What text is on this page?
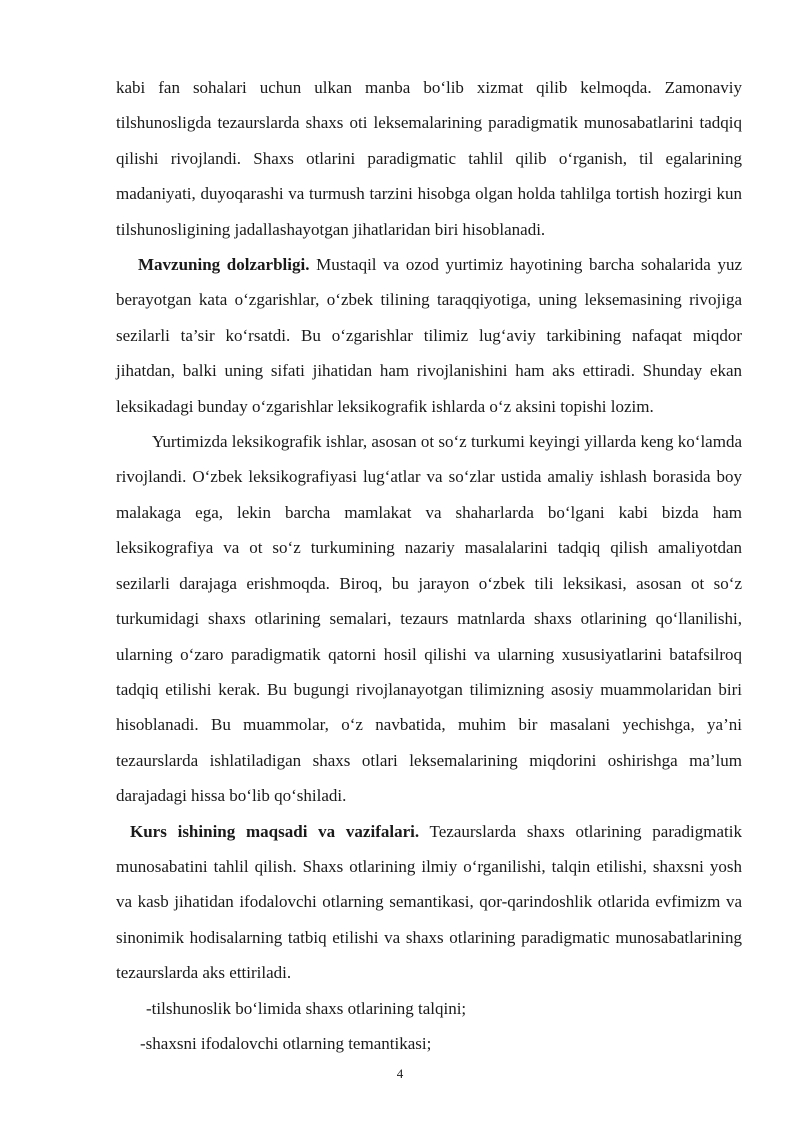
kabi fan sohalari uchun ulkan manba bo‘lib xizmat qilib kelmoqda. Zamonaviy tilshunosligda tezaurslarda shaxs oti leksemalarining paradigmatik munosabatlarini tadqiq qilishi rivojlandi. Shaxs otlarini paradigmatic tahlil qilib o‘rganish, til egalarining madaniyati, duyoqarashi va turmush tarzini hisobga olgan holda tahlilga tortish hozirgi kun tilshunosligining jadallashayotgan jihatlaridan biri hisoblanadi.

Mavzuning dolzarbligi. Mustaqil va ozod yurtimiz hayotining barcha sohalarida yuz berayotgan kata o‘zgarishlar, o‘zbek tilining taraqqiyotiga, uning leksemasining rivojiga sezilarli ta’sir ko‘rsatdi. Bu o‘zgarishlar tilimiz lug‘aviy tarkibining nafaqat miqdor jihatdan, balki uning sifati jihatidan ham rivojlanishini ham aks ettiradi. Shunday ekan leksikadagi bunday o‘zgarishlar leksikografik ishlarda o‘z aksini topishi lozim.

Yurtimizda leksikografik ishlar, asosan ot so‘z turkumi keyingi yillarda keng ko‘lamda rivojlandi. O‘zbek leksikografiyasi lug‘atlar va so‘zlar ustida amaliy ishlash borasida boy malakaga ega, lekin barcha mamlakat va shaharlarda bo‘lgani kabi bizda ham leksikografiya va ot so‘z turkumining nazariy masalalarini tadqiq qilish amaliyotdan sezilarli darajaga erishmoqda. Biroq, bu jarayon o‘zbek tili leksikasi, asosan ot so‘z turkumidagi shaxs otlarining semalari, tezaurs matnlarda shaxs otlarining qo‘llanilishi, ularning o‘zaro paradigmatik qatorni hosil qilishi va ularning xususiyatlarini batafsilroq tadqiq etilishi kerak. Bu bugungi rivojlanayotgan tilimizning asosiy muammolaridan biri hisoblanadi. Bu muammolar, o‘z navbatida, muhim bir masalani yechishga, ya’ni tezaurslarda ishlatiladigan shaxs otlari leksemalarining miqdorini oshirishga ma’lum darajadagi hissa bo‘lib qo‘shiladi.

Kurs ishining maqsadi va vazifalari. Tezaurslarda shaxs otlarining paradigmatik munosabatini tahlil qilish. Shaxs otlarining ilmiy o‘rganilishi, talqin etilishi, shaxsni yosh va kasb jihatidan ifodalovchi otlarning semantikasi, qor-qarindoshlik otlarida evfimizm va sinonimik hodisalarning tatbiq etilishi va shaxs otlarining paradigmatic munosabatlarining tezaurslarda aks ettiriladi.

-tilshunoslik bo‘limida shaxs otlarining talqini;

-shaxsni ifodalovchi otlarning temantikasi;

4
